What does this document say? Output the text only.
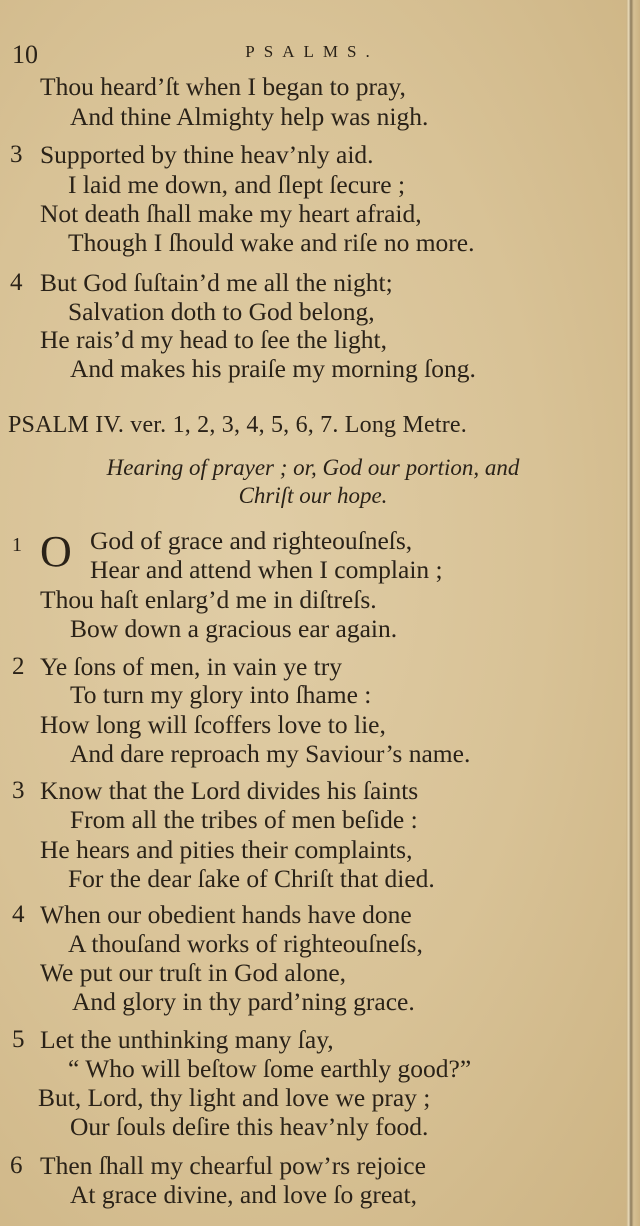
10	PSALMS.
Thou heard’ſt when I began to pray,
And thine Almighty help was nigh.
3 Supported by thine heav’nly aid.
I laid me down, and ſlept ſecure ;
Not death ſhall make my heart afraid,
Though I ſhould wake and riſe no more.
4 But God ſuſtain’d me all the night;
Salvation doth to God belong,
He rais’d my head to ſee the light,
And makes his praiſe my morning ſong.
PSALM IV. ver. 1, 2, 3, 4, 5, 6, 7. Long Metre.
Hearing of prayer ; or, God our portion, and
Chriſt our hope.
1 O God of grace and righteouſneſs,
Hear and attend when I complain ;
Thou haſt enlarg’d me in diſtreſs.
Bow down a gracious ear again.
2 Ye ſons of men, in vain ye try
To turn my glory into ſhame :
How long will ſcoffers love to lie,
And dare reproach my Saviour’s name.
3 Know that the Lord divides his ſaints
From all the tribes of men beſide :
He hears and pities their complaints,
For the dear ſake of Chriſt that died.
4 When our obedient hands have done
A thouſand works of righteouſneſs,
We put our truſt in God alone,
And glory in thy pard’ning grace.
5 Let the unthinking many ſay,
“ Who will beſtow ſome earthly good?”
But, Lord, thy light and love we pray ;
Our ſouls deſire this heav’nly food.
6 Then ſhall my chearful pow’rs rejoice
At grace divine, and love ſo great,
